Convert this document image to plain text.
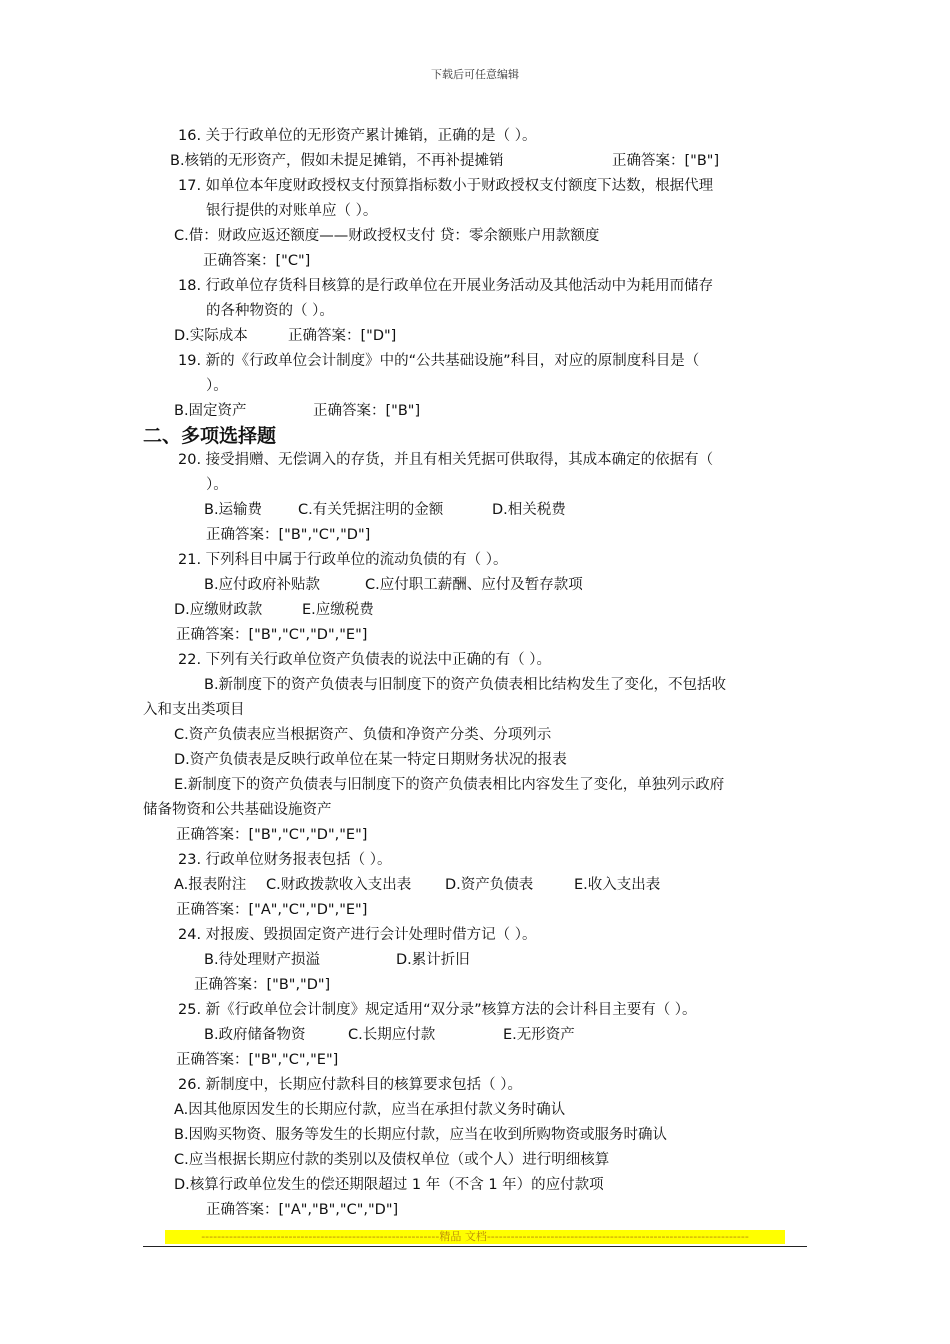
下载后可任意编辑
16. 关于行政单位的无形资产累计摊销，正确的是（ ）。
B.核销的无形资产，假如未提足摊销，不再补提摊销	正确答案：["B"]
17. 如单位本年度财政授权支付预算指标数小于财政授权支付额度下达数，根据代理
银行提供的对账单应（ ）。
C.借：财政应返还额度——财政授权支付 贷：零余额账户用款额度
正确答案：["C"]
18. 行政单位存货科目核算的是行政单位在开展业务活动及其他活动中为耗用而储存
的各种物资的（ ）。
D.实际成本	正确答案：["D"]
19. 新的《行政单位会计制度》中的“公共基础设施”科目，对应的原制度科目是（
）。
B.固定资产	正确答案：["B"]
二、多项选择题
20. 接受捐赠、无偿调入的存货，并且有相关凭据可供取得，其成本确定的依据有（
）。
B.运输费 C.有关凭据注明的金额	D.相关税费
正确答案：["B","C","D"]
21. 下列科目中属于行政单位的流动负债的有（ ）。
B.应付政府补贴款	C.应付职工薪酬、应付及暂存款项
D.应缴财政款	E.应缴税费
正确答案：["B","C","D","E"]
22. 下列有关行政单位资产负债表的说法中正确的有（ ）。
B.新制度下的资产负债表与旧制度下的资产负债表相比结构发生了变化，不包括收
入和支出类项目
C.资产负债表应当根据资产、负债和净资产分类、分项列示
D.资产负债表是反映行政单位在某一特定日期财务状况的报表
E.新制度下的资产负债表与旧制度下的资产负债表相比内容发生了变化，单独列示政府
储备物资和公共基础设施资产
正确答案：["B","C","D","E"]
23. 行政单位财务报表包括（ ）。
A.报表附注 C.财政拨款收入支出表 D.资产负债表	E.收入支出表
正确答案：["A","C","D","E"]
24. 对报废、毁损固定资产进行会计处理时借方记（ ）。
B.待处理财产损溢	D.累计折旧
正确答案：["B","D"]
25. 新《行政单位会计制度》规定适用“双分录”核算方法的会计科目主要有（ ）。
B.政府储备物资	C.长期应付款	E.无形资产
正确答案：["B","C","E"]
26. 新制度中，长期应付款科目的核算要求包括（ ）。
A.因其他原因发生的长期应付款，应当在承担付款义务时确认
B.因购买物资、服务等发生的长期应付款，应当在收到所购物资或服务时确认
C.应当根据长期应付款的类别以及债权单位（或个人）进行明细核算
D.核算行政单位发生的偿还期限超过 1 年（不含 1 年）的应付款项
正确答案：["A","B","C","D"]
------------------------------------------------------------精品 文档------------------------------------------------------------------
